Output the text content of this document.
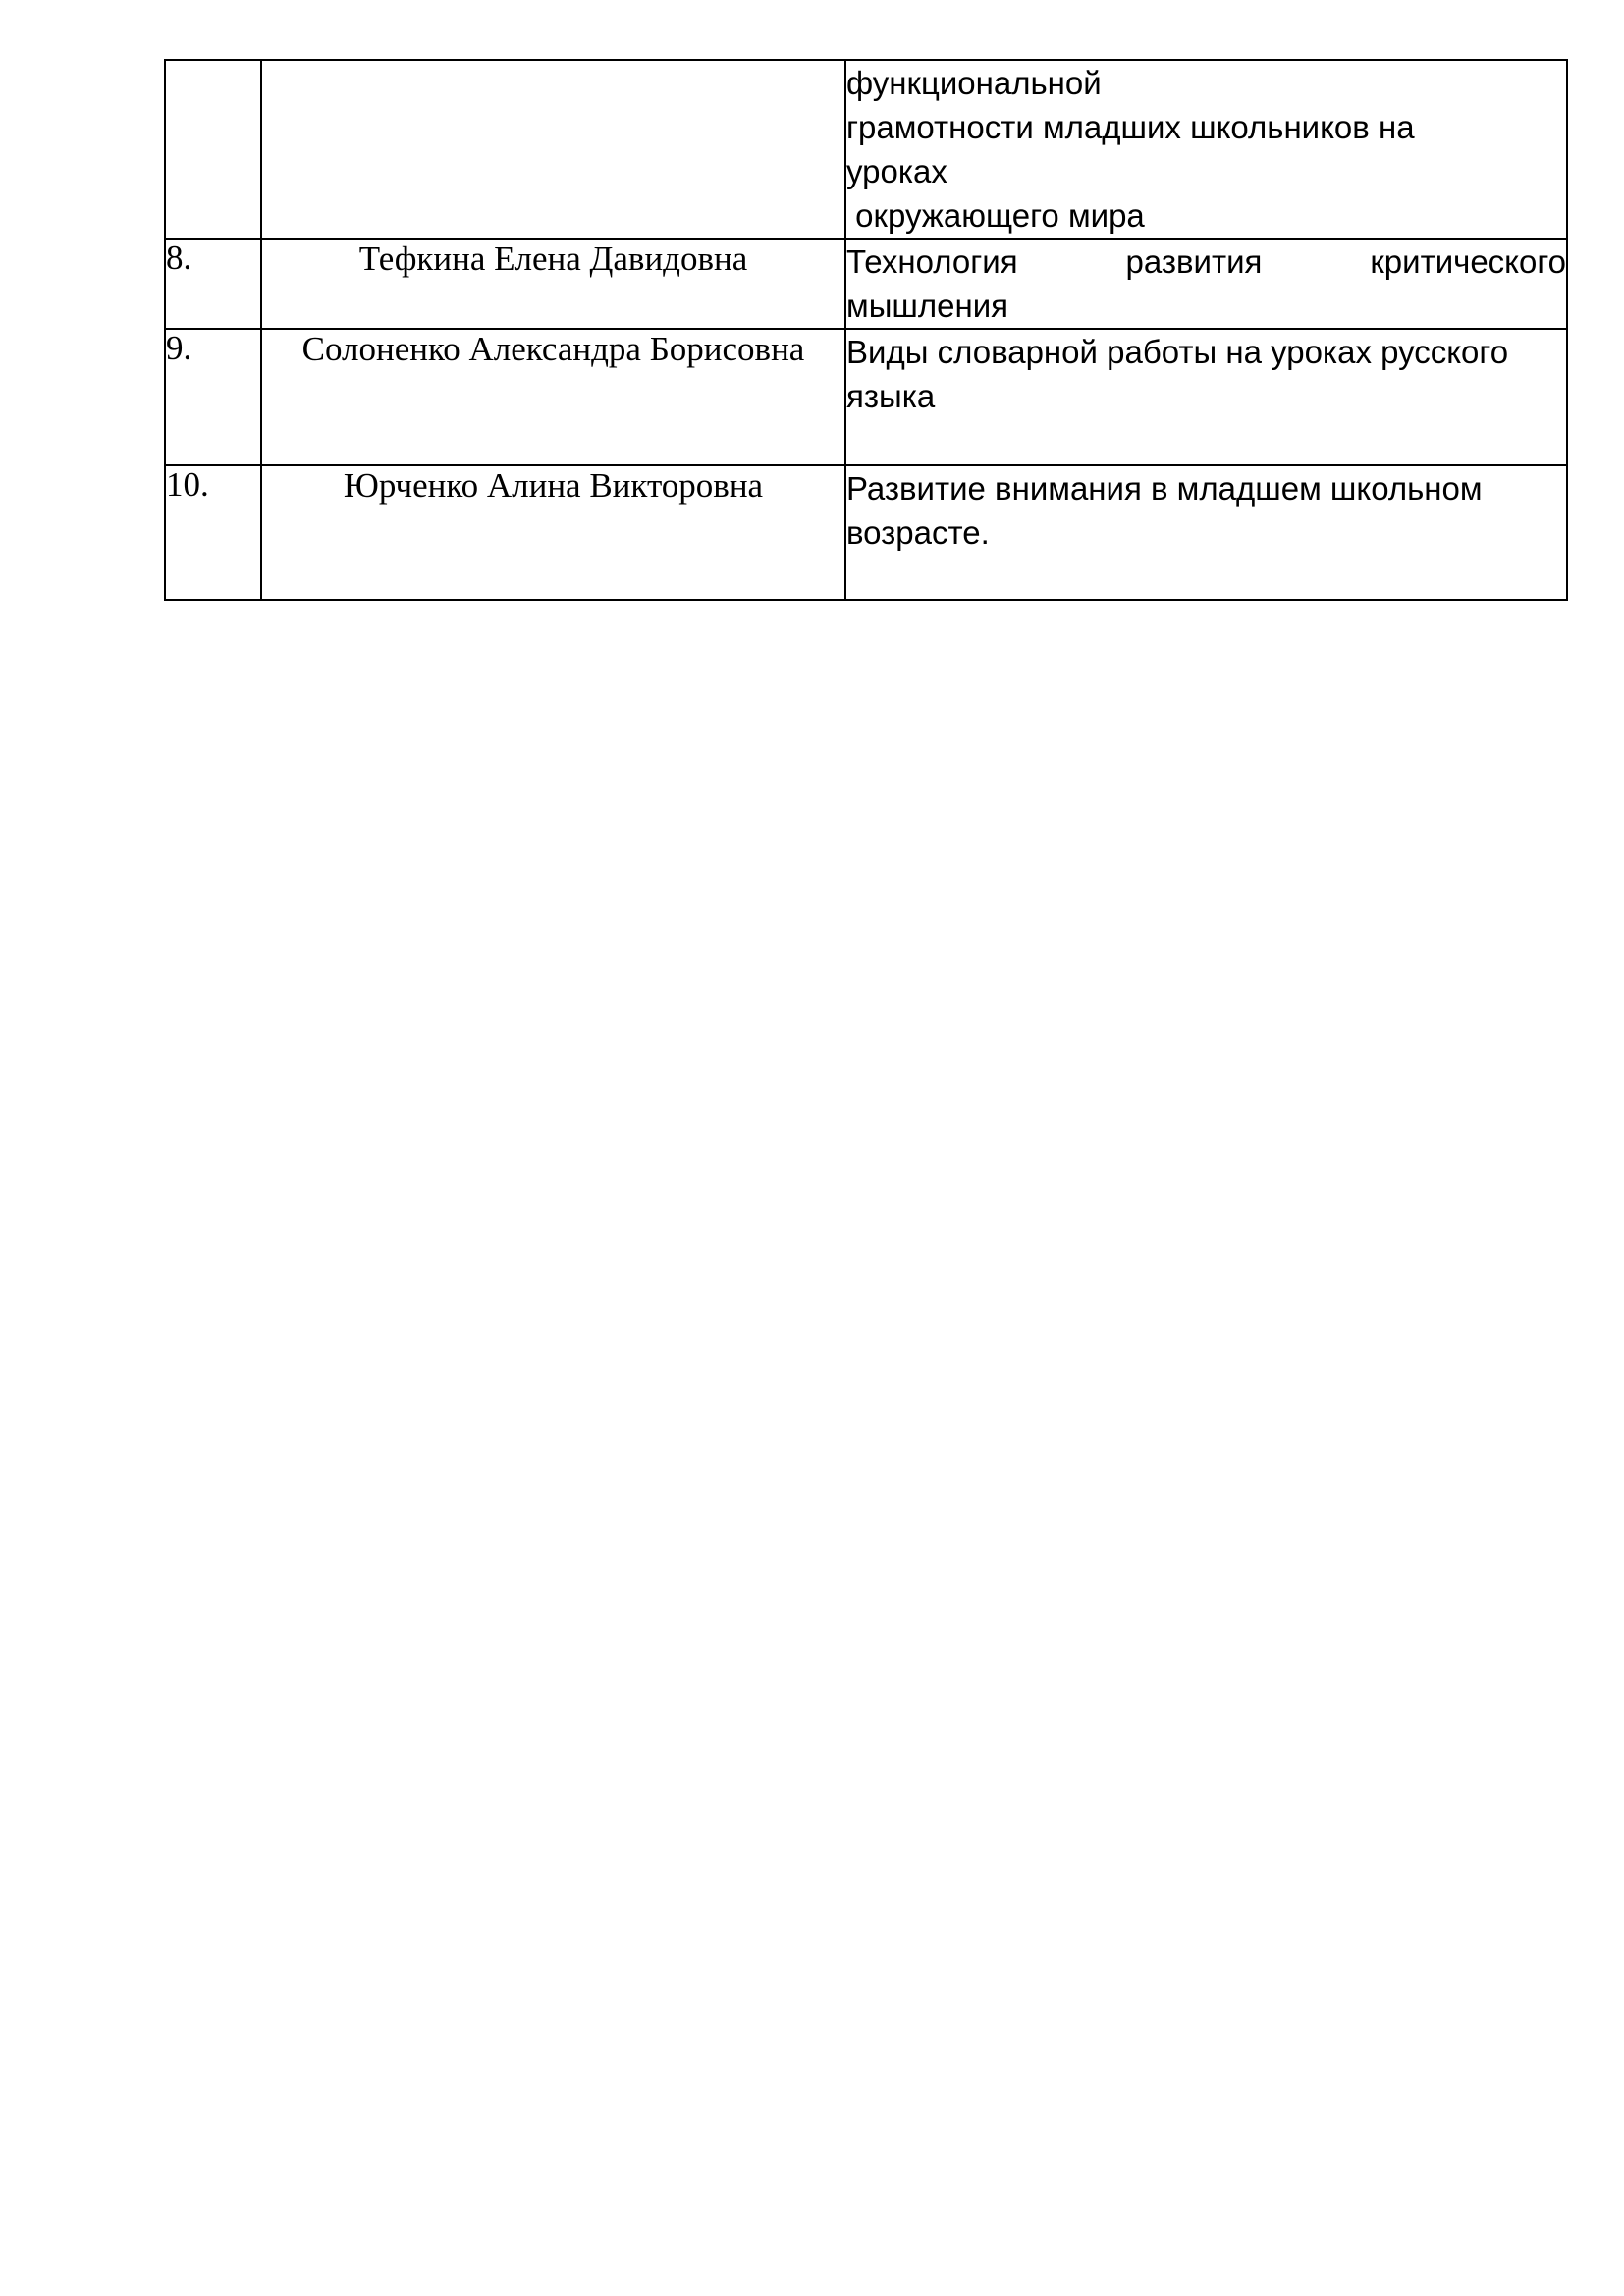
		функциональной
грамотности младших школьников на
уроках
окружающего мира

8.	Тефкина Елена Давидовна	Технология развития критического
мышления

9.	Солоненко Александра Борисовна	Виды словарной работы на уроках русского языка
10.	Юрченко Алина Викторовна	Развитие внимания в младшем школьном возрасте.
